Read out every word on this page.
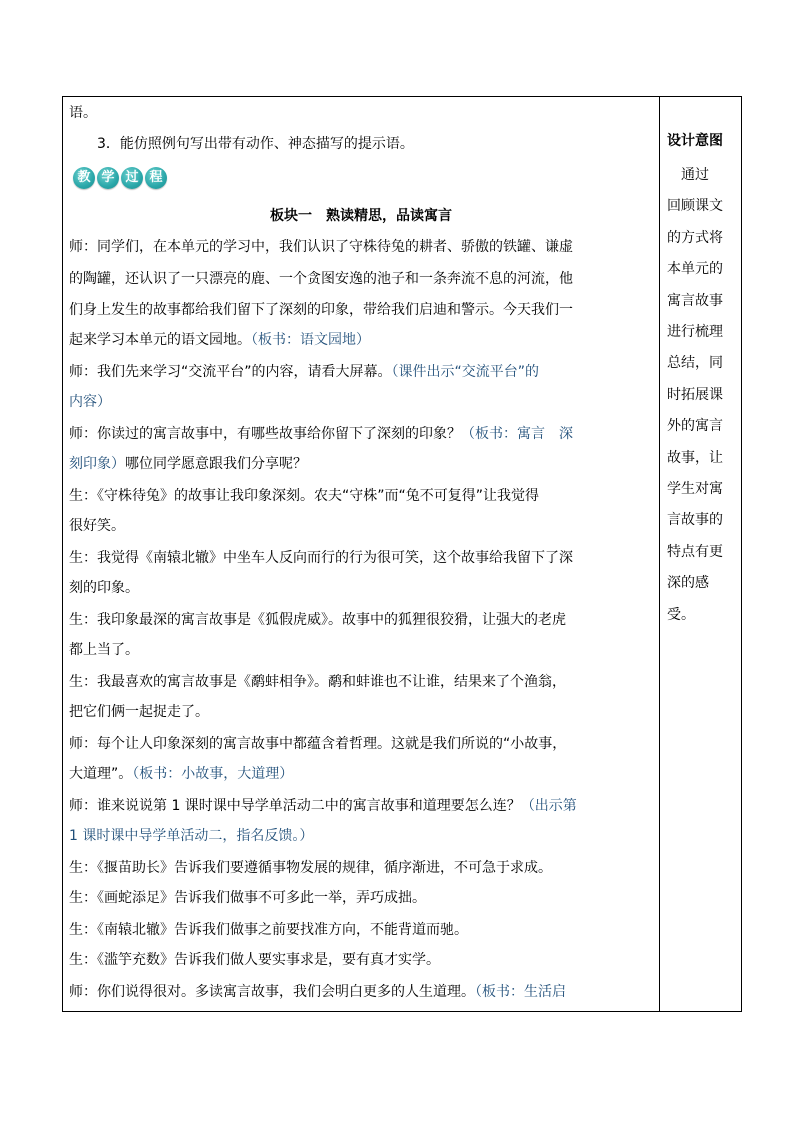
语。
3．能仿照例句写出带有动作、神态描写的提示语。
教 学 过 程
板块一　熟读精思，品读寓言
师：同学们，在本单元的学习中，我们认识了守株待兔的耕者、骄傲的铁罐、谦虚
的陶罐，还认识了一只漂亮的鹿、一个贪图安逸的池子和一条奔流不息的河流，他
们身上发生的故事都给我们留下了深刻的印象，带给我们启迪和警示。今天我们一
起来学习本单元的语文园地。（板书：语文园地）
师：我们先来学习“交流平台”的内容，请看大屏幕。（课件出示“交流平台”的
内容）
师：你读过的寓言故事中，有哪些故事给你留下了深刻的印象？（板书：寓言　深
刻印象）哪位同学愿意跟我们分享呢？
生：《守株待兔》的故事让我印象深刻。农夫“守株”而“兔不可复得”让我觉得
很好笑。
生：我觉得《南辕北辙》中坐车人反向而行的行为很可笑，这个故事给我留下了深
刻的印象。
生：我印象最深的寓言故事是《狐假虎威》。故事中的狐狸很狡猾，让强大的老虎
都上当了。
生：我最喜欢的寓言故事是《鹬蚌相争》。鹬和蚌谁也不让谁，结果来了个渔翁，
把它们俩一起捉走了。
师：每个让人印象深刻的寓言故事中都蕴含着哲理。这就是我们所说的“小故事，
大道理”。（板书：小故事，大道理）
师：谁来说说第 1 课时课中导学单活动二中的寓言故事和道理要怎么连？（出示第
1 课时课中导学单活动二，指名反馈。）
生：《揠苗助长》告诉我们要遵循事物发展的规律，循序渐进，不可急于求成。
生：《画蛇添足》告诉我们做事不可多此一举，弄巧成拙。
生：《南辕北辙》告诉我们做事之前要找准方向，不能背道而驰。
生：《滥竽充数》告诉我们做人要实事求是，要有真才实学。
师：你们说得很对。多读寓言故事，我们会明白更多的人生道理。（板书：生活启
设计意图
　通过
回顾课文
的方式将
本单元的
寓言故事
进行梳理
总结，同
时拓展课
外的寓言
故事，让
学生对寓
言故事的
特点有更
深的感
受。
